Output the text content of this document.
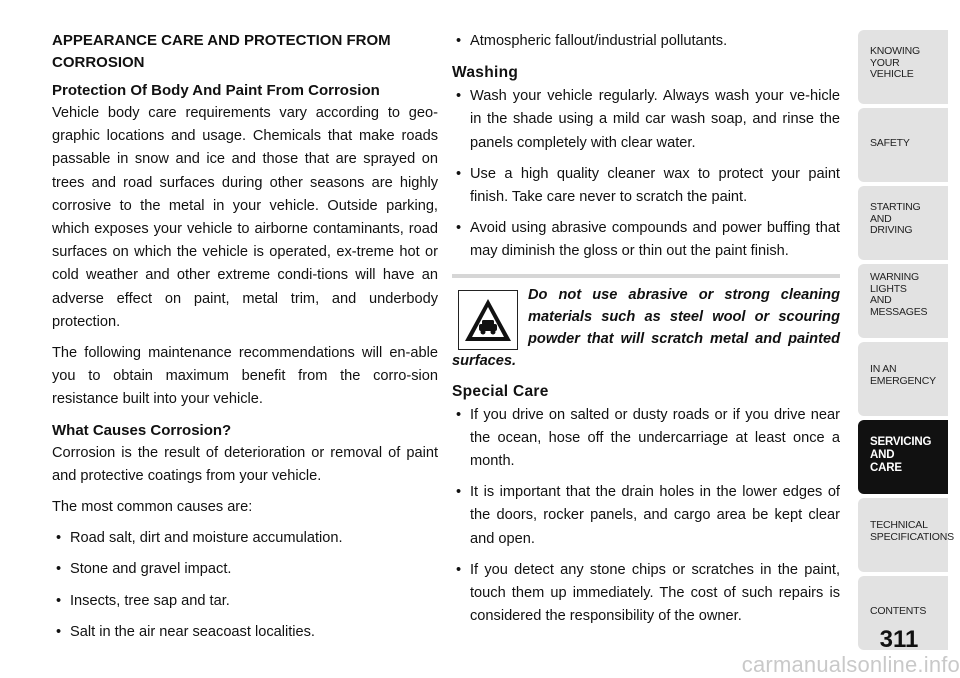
APPEARANCE CARE AND PROTECTION FROM CORROSION
Protection Of Body And Paint From Corrosion

Vehicle body care requirements vary according to geo-graphic locations and usage. Chemicals that make roads passable in snow and ice and those that are sprayed on trees and road surfaces during other seasons are highly corrosive to the metal in your vehicle. Outside parking, which exposes your vehicle to airborne contaminants, road surfaces on which the vehicle is operated, ex-treme hot or cold weather and other extreme condi-tions will have an adverse effect on paint, metal trim, and underbody protection.

The following maintenance recommendations will en-able you to obtain maximum benefit from the corro-sion resistance built into your vehicle.

What Causes Corrosion?

Corrosion is the result of deterioration or removal of paint and protective coatings from your vehicle.

The most common causes are:

• Road salt, dirt and moisture accumulation.
• Stone and gravel impact.
• Insects, tree sap and tar.
• Salt in the air near seacoast localities.
• Atmospheric fallout/industrial pollutants.
Washing
• Wash your vehicle regularly. Always wash your ve-hicle in the shade using a mild car wash soap, and rinse the panels completely with clear water.
• Use a high quality cleaner wax to protect your paint finish. Take care never to scratch the paint.
• Avoid using abrasive compounds and power buffing that may diminish the gloss or thin out the paint finish.

Do not use abrasive or strong cleaning materials such as steel wool or scouring powder that will scratch metal and painted surfaces.

Special Care
• If you drive on salted or dusty roads or if you drive near the ocean, hose off the undercarriage at least once a month.
• It is important that the drain holes in the lower edges of the doors, rocker panels, and cargo area be kept clear and open.
• If you detect any stone chips or scratches in the paint, touch them up immediately. The cost of such repairs is considered the responsibility of the owner.
KNOWING
YOUR
VEHICLE
SAFETY
STARTING
AND
DRIVING
WARNING
LIGHTS
AND
MESSAGES
IN AN
EMERGENCY
SERVICING
AND
CARE
TECHNICAL
SPECIFICATIONS
CONTENTS
311
carmanualsonline.info
